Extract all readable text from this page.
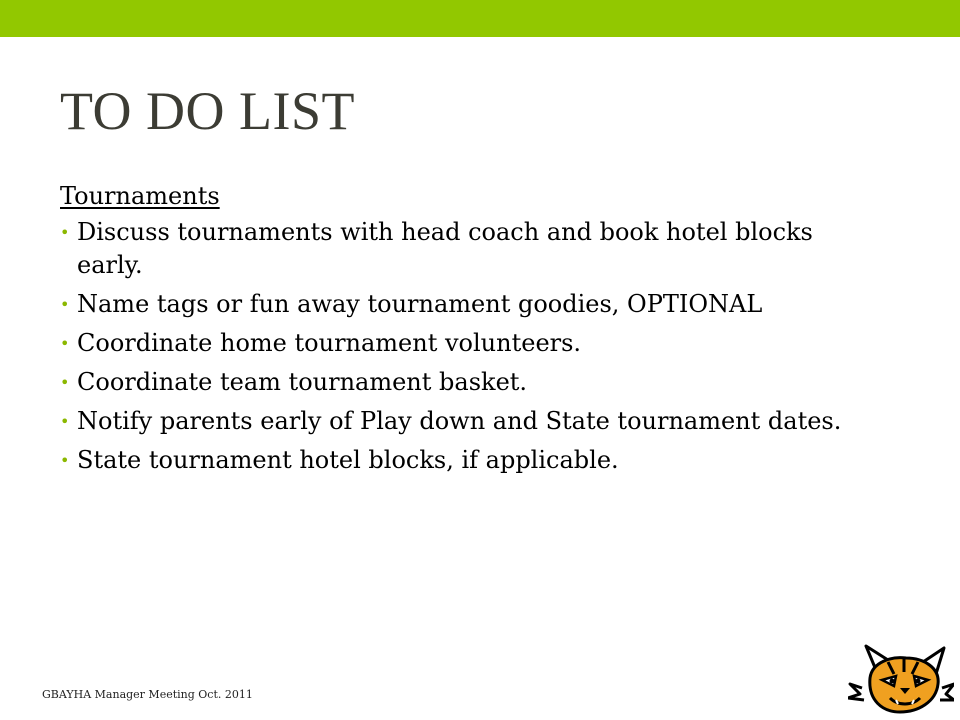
TO DO LIST
Tournaments
• Discuss tournaments with head coach and book hotel blocks early.
• Name tags or fun away tournament goodies, OPTIONAL
• Coordinate home tournament volunteers.
• Coordinate team tournament basket.
• Notify parents early of Play down and State tournament dates.
• State tournament hotel blocks, if applicable.
GBAYHA Manager Meeting Oct. 2011
